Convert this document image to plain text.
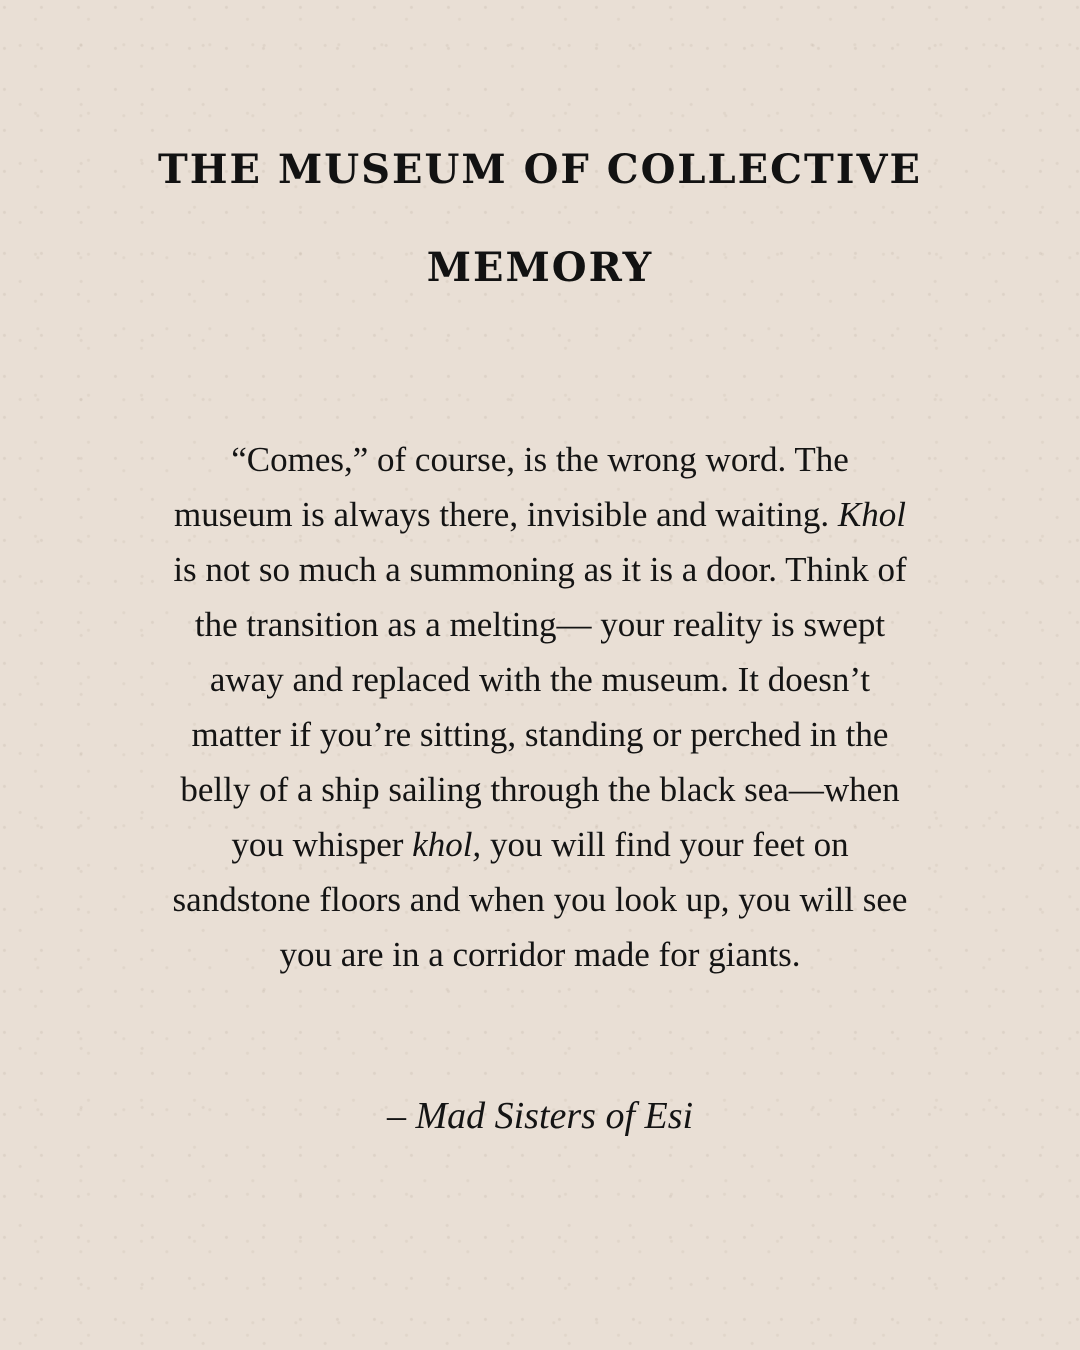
THE MUSEUM OF COLLECTIVE
MEMORY
“Comes,” of course, is the wrong word. The
museum is always there, invisible and waiting. Khol
is not so much a summoning as it is a door. Think of
the transition as a melting— your reality is swept
away and replaced with the museum. It doesn’t
matter if you’re sitting, standing or perched in the
belly of a ship sailing through the black sea—when
you whisper khol, you will find your feet on
sandstone floors and when you look up, you will see
you are in a corridor made for giants.
– Mad Sisters of Esi
